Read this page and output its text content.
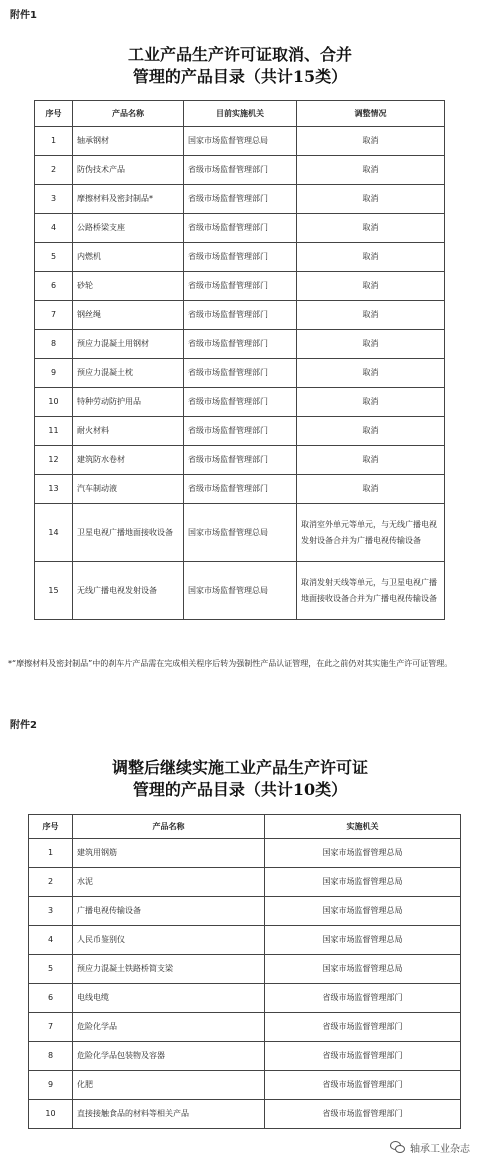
附件1
工业产品生产许可证取消、合并
管理的产品目录（共计15类）
序号	产品名称	目前实施机关	调整情况
1	轴承钢材	国家市场监督管理总局	取消
2	防伪技术产品	省级市场监督管理部门	取消
3	摩擦材料及密封制品*	省级市场监督管理部门	取消
4	公路桥梁支座	省级市场监督管理部门	取消
5	内燃机	省级市场监督管理部门	取消
6	砂轮	省级市场监督管理部门	取消
7	钢丝绳	省级市场监督管理部门	取消
8	预应力混凝土用钢材	省级市场监督管理部门	取消
9	预应力混凝土枕	省级市场监督管理部门	取消
10	特种劳动防护用品	省级市场监督管理部门	取消
11	耐火材料	省级市场监督管理部门	取消
12	建筑防水卷材	省级市场监督管理部门	取消
13	汽车制动液	省级市场监督管理部门	取消
14	卫星电视广播地面接收设备	国家市场监督管理总局	取消室外单元等单元，与无线广播电视发射设备合并为广播电视传输设备
15	无线广播电视发射设备	国家市场监督管理总局	取消发射天线等单元，与卫星电视广播地面接收设备合并为广播电视传输设备
*“摩擦材料及密封制品”中的刹车片产品需在完成相关程序后转为强制性产品认证管理，在此之前仍对其实施生产许可证管理。
附件2
调整后继续实施工业产品生产许可证
管理的产品目录（共计10类）
序号	产品名称	实施机关
1	建筑用钢筋	国家市场监督管理总局
2	水泥	国家市场监督管理总局
3	广播电视传输设备	国家市场监督管理总局
4	人民币鉴别仪	国家市场监督管理总局
5	预应力混凝土铁路桥简支梁	国家市场监督管理总局
6	电线电缆	省级市场监督管理部门
7	危险化学品	省级市场监督管理部门
8	危险化学品包装物及容器	省级市场监督管理部门
9	化肥	省级市场监督管理部门
10	直接接触食品的材料等相关产品	省级市场监督管理部门
轴承工业杂志
